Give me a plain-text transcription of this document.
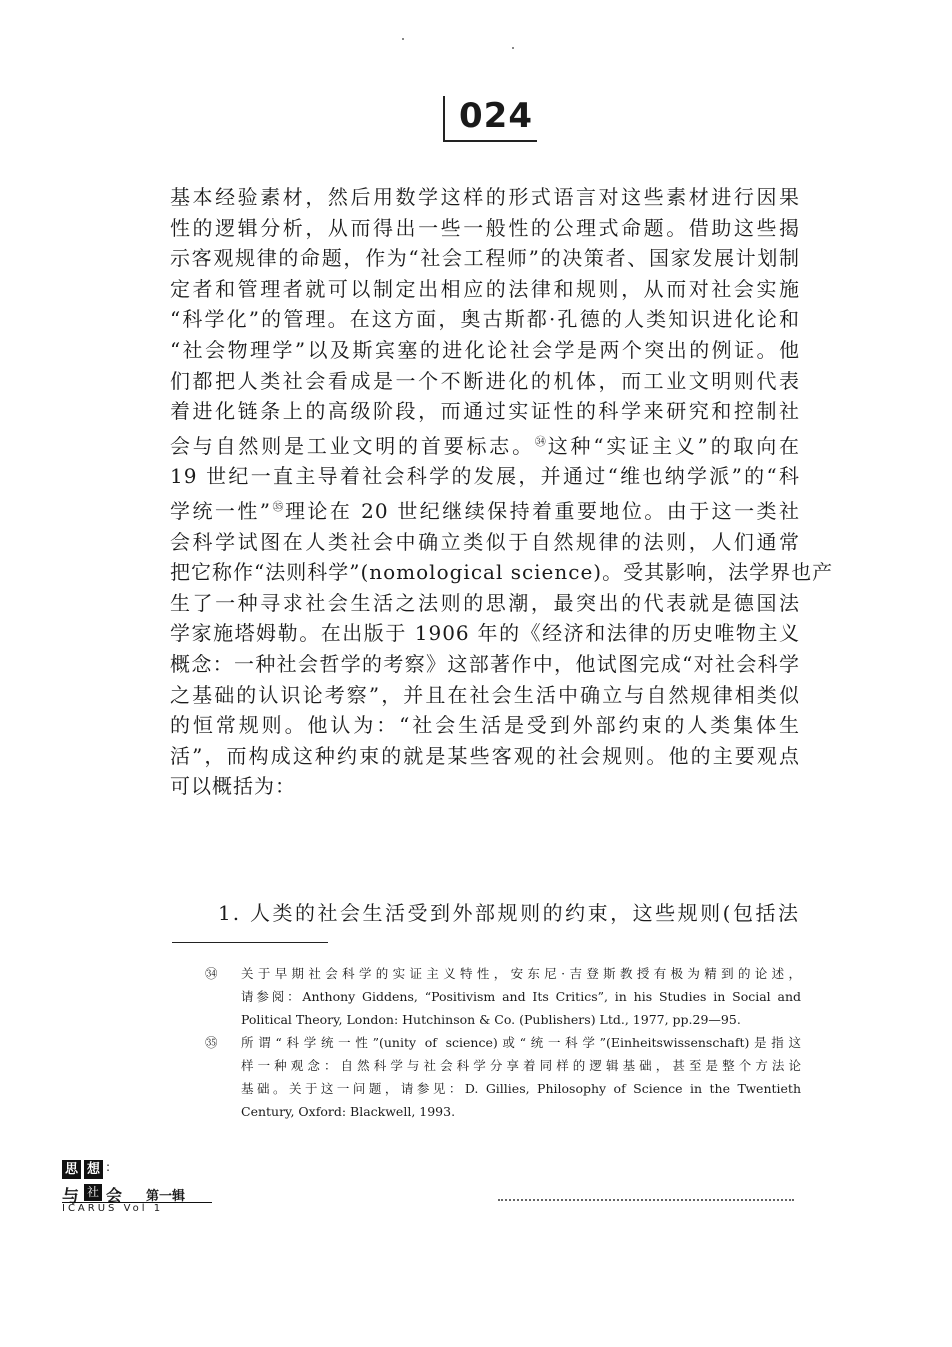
024
基本经验素材，然后用数学这样的形式语言对这些素材进行因果
性的逻辑分析，从而得出一些一般性的公理式命题。借助这些揭
示客观规律的命题，作为“社会工程师”的决策者、国家发展计划制
定者和管理者就可以制定出相应的法律和规则，从而对社会实施
“科学化”的管理。在这方面，奥古斯都·孔德的人类知识进化论和
“社会物理学”以及斯宾塞的进化论社会学是两个突出的例证。他
们都把人类社会看成是一个不断进化的机体，而工业文明则代表
着进化链条上的高级阶段，而通过实证性的科学来研究和控制社
会与自然则是工业文明的首要标志。$^㉞$这种“实证主义”的取向在
19 世纪一直主导着社会科学的发展，并通过“维也纳学派”的“科
学统一性”$^㉟$理论在 20 世纪继续保持着重要地位。由于这一类社
会科学试图在人类社会中确立类似于自然规律的法则，人们通常
把它称作“法则科学”(nomological science)。受其影响，法学界也产
生了一种寻求社会生活之法则的思潮，最突出的代表就是德国法
学家施塔姆勒。在出版于 1906 年的《经济和法律的历史唯物主义
概念：一种社会哲学的考察》这部著作中，他试图完成“对社会科学
之基础的认识论考察”，并且在社会生活中确立与自然规律相类似
的恒常规则。他认为：“社会生活是受到外部约束的人类集体生
活”，而构成这种约束的就是某些客观的社会规则。他的主要观点
可以概括为：
1. 人类的社会生活受到外部规则的约束，这些规则(包括法
㉞ 关于早期社会科学的实证主义特性，安东尼·吉登斯教授有极为精到的论述，
请参阅：Anthony Giddens, “Positivism and Its Critics”, in his Studies in Social and
Political Theory, London: Hutchinson & Co. (Publishers) Ltd., 1977, pp.29—95.
㉟ 所谓“科学统一性”(unity of science)或“统一科学”(Einheitswissenschaft)是指这
样一种观念：自然科学与社会科学分享着同样的逻辑基础，甚至是整个方法论
基础。关于这一问题，请参见：D. Gillies, Philosophy of Science in the Twentieth
Century, Oxford: Blackwell, 1993.
思 想 :
与 社 会 第一辑
ICARUS Vol 1
